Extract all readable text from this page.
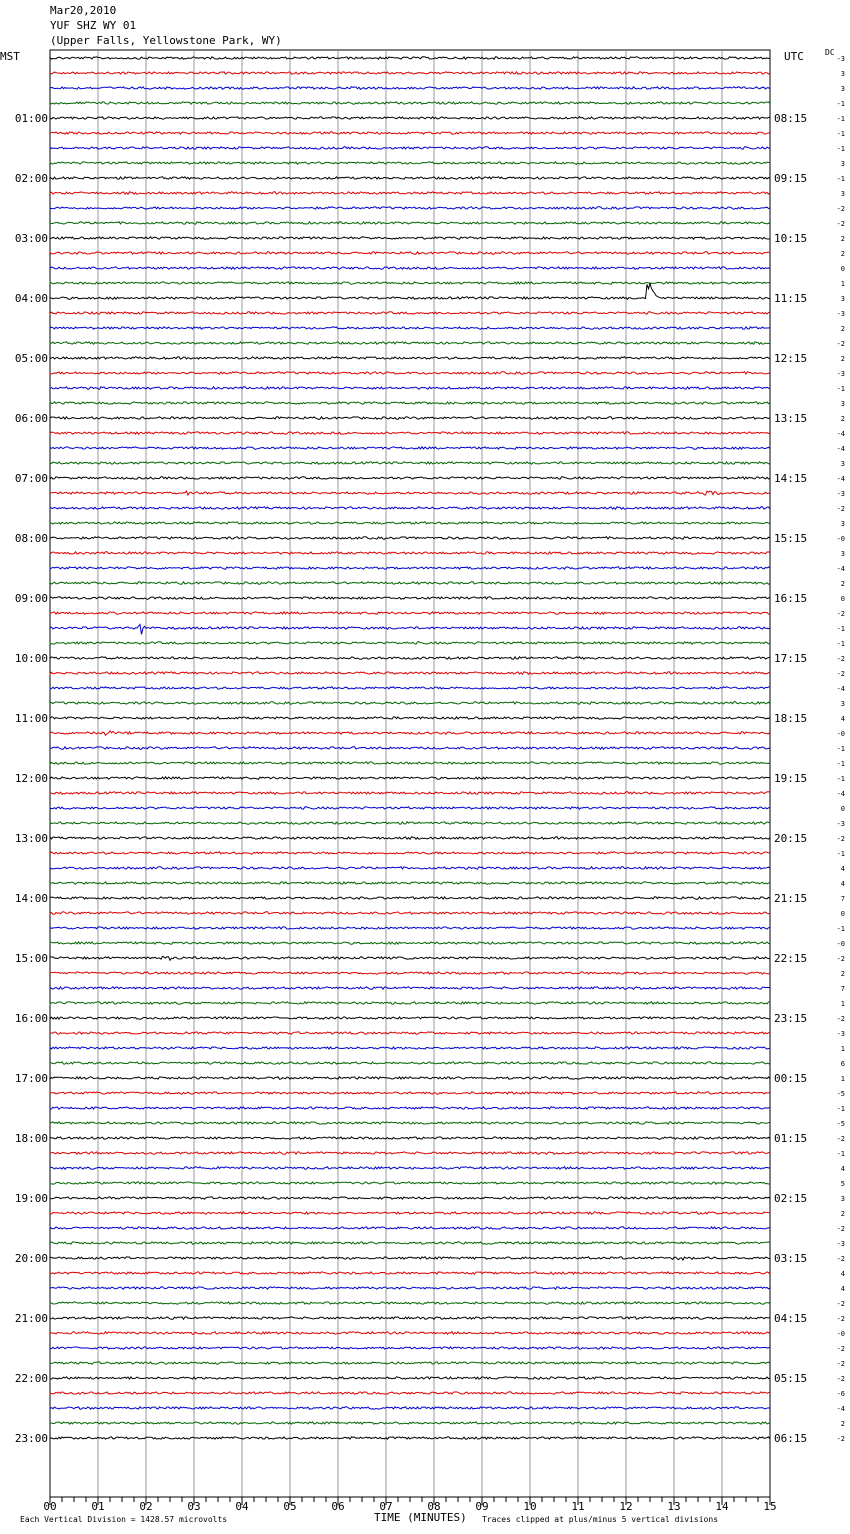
Mar20,2010
YUF SHZ WY 01
(Upper Falls, Yellowstone Park, WY)
MST	UTC	DC
01:00
02:00
03:00
04:00
05:00
06:00
07:00
08:00
09:00
10:00
11:00
12:00
13:00
14:00
15:00
16:00
17:00
18:00
19:00
20:00
21:00
22:00
23:00
08:15
09:15
10:15
11:15
12:15
13:15
14:15
15:15
16:15
17:15
18:15
19:15
20:15
21:15
22:15
23:15
00:15
01:15
02:15
03:15
04:15
05:15
06:15
-3
3
3
-1
-1
-1
-1
3
-1
3
-2
-2
2
2
0
1
3
-3
2
-2
2
-3
-1
3
2
-4
-4
3
-4
-3
-2
3
-0
3
-4
2
0
-2
-1
-1
-2
-2
-4
3
4
-0
-1
-1
-1
-4
0
-3
-2
-1
4
4
7
0
-1
-0
-2
2
7
1
-2
-3
1
6
1
-5
-1
-5
-2
-1
4
5
3
2
-2
-3
-2
4
4
-2
-2
-0
-2
-2
-2
-6
-4
2
-2
00	01	02	03	04	05	06	07	08	09	10	11	12	13	14	15
Each Vertical Division = 1428.57 microvolts	TIME (MINUTES) Traces clipped at plus/minus 5 vertical divisions
